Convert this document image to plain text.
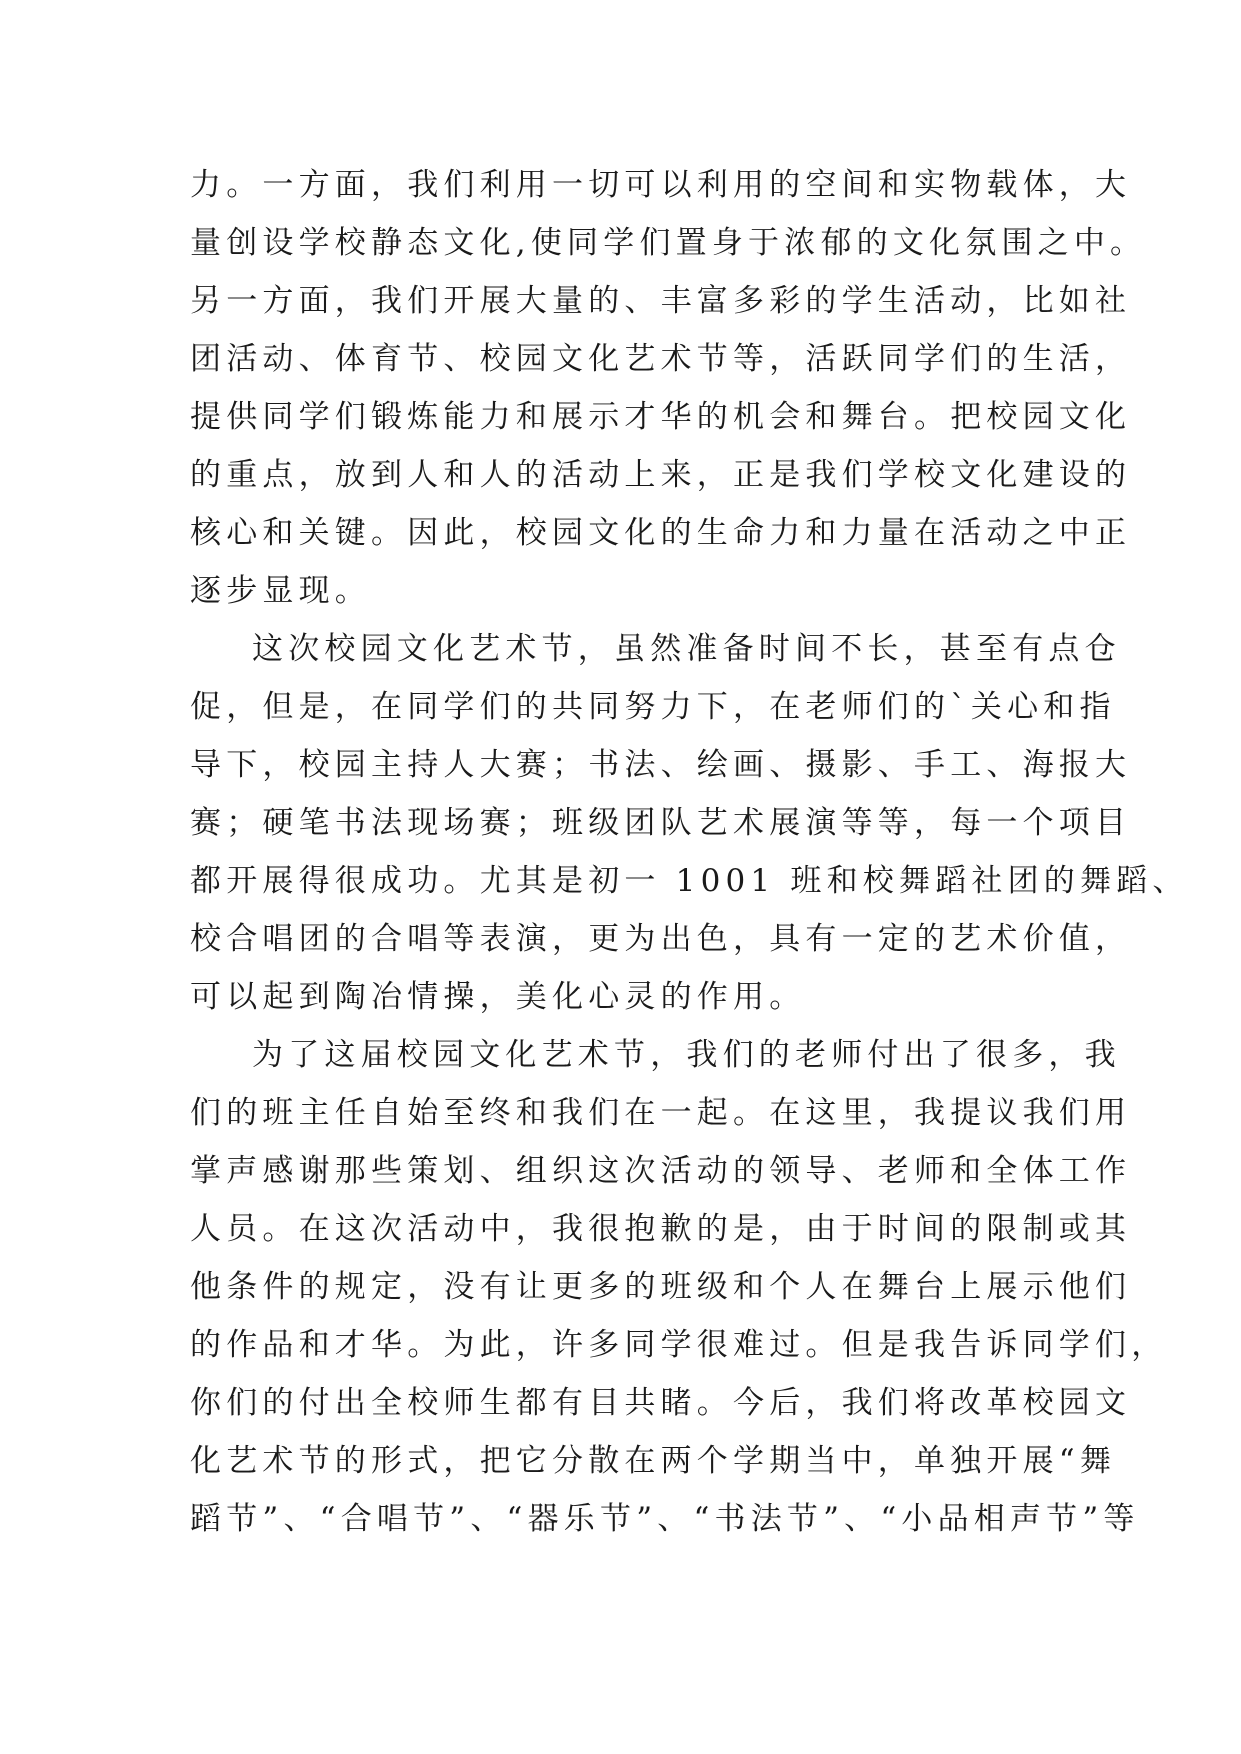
力。一方面，我们利用一切可以利用的空间和实物载体，大
量创设学校静态文化,使同学们置身于浓郁的文化氛围之中。
另一方面，我们开展大量的、丰富多彩的学生活动，比如社
团活动、体育节、校园文化艺术节等，活跃同学们的生活，
提供同学们锻炼能力和展示才华的机会和舞台。把校园文化
的重点，放到人和人的活动上来，正是我们学校文化建设的
核心和关键。因此，校园文化的生命力和力量在活动之中正
逐步显现。
这次校园文化艺术节，虽然准备时间不长，甚至有点仓
促，但是，在同学们的共同努力下，在老师们的`关心和指
导下，校园主持人大赛；书法、绘画、摄影、手工、海报大
赛；硬笔书法现场赛；班级团队艺术展演等等，每一个项目
都开展得很成功。尤其是初一 1001 班和校舞蹈社团的舞蹈、
校合唱团的合唱等表演，更为出色，具有一定的艺术价值，
可以起到陶冶情操，美化心灵的作用。
为了这届校园文化艺术节，我们的老师付出了很多，我
们的班主任自始至终和我们在一起。在这里，我提议我们用
掌声感谢那些策划、组织这次活动的领导、老师和全体工作
人员。在这次活动中，我很抱歉的是，由于时间的限制或其
他条件的规定，没有让更多的班级和个人在舞台上展示他们
的作品和才华。为此，许多同学很难过。但是我告诉同学们，
你们的付出全校师生都有目共睹。今后，我们将改革校园文
化艺术节的形式，把它分散在两个学期当中，单独开展“舞
蹈节”、“合唱节”、“器乐节”、“书法节”、“小品相声节”等
